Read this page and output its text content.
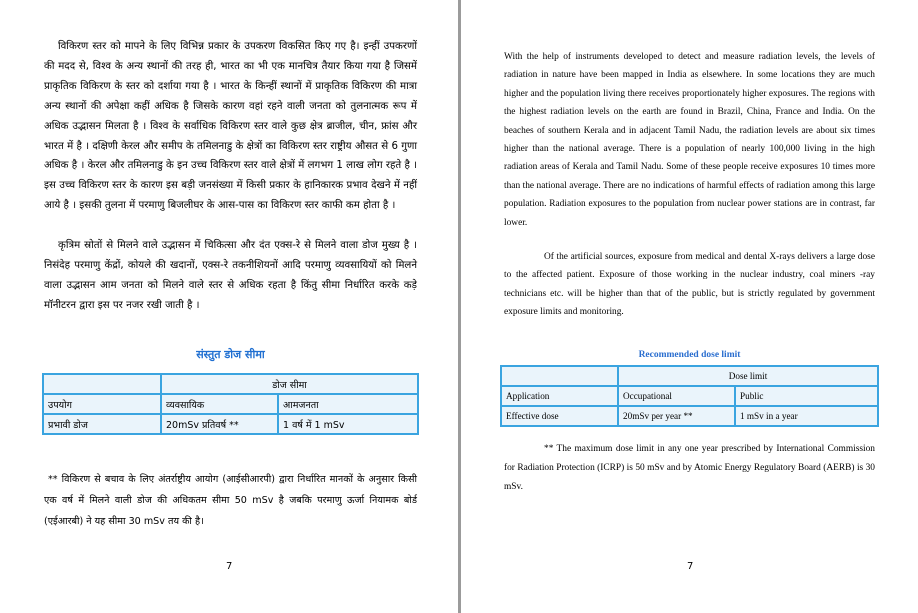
विकिरण स्तर को मापने के लिए विभिन्न प्रकार के उपकरण विकसित किए गए है। इन्हीं उपकरणों की मदद से, विश्व के अन्य स्थानों की तरह ही, भारत का भी एक मानचित्र तैयार किया गया है जिसमें प्राकृतिक विकिरण के स्तर को दर्शाया गया है । भारत के किन्हीं स्थानों में प्राकृतिक विकिरण की मात्रा अन्य स्थानों की अपेक्षा कहीं अधिक है जिसके कारण वहां रहने वाली जनता को तुलनात्मक रूप में अधिक उद्भासन मिलता है । विश्व के सर्वाधिक विकिरण स्तर वाले कुछ क्षेत्र ब्राजील, चीन, फ्रांस और भारत में है । दक्षिणी केरल और समीप के तमिलनाडु के क्षेत्रों का विकिरण स्तर राष्ट्रीय औसत से 6 गुणा अधिक है । केरल और तमिलनाडु के इन उच्च विकिरण स्तर वाले क्षेत्रों में लगभग 1 लाख लोग रहते है । इस उच्च विकिरण स्तर के कारण इस बड़ी जनसंख्या में किसी प्रकार के हानिकारक प्रभाव देखने में नहीं आये है । इसकी तुलना में परमाणु बिजलीघर के आस-पास का विकिरण स्तर काफी कम होता है ।

कृत्रिम स्रोतों से मिलने वाले उद्भासन में चिकित्सा और दंत एक्स-रे से मिलने वाला डोज मुख्य है । निसंदेह परमाणु केंद्रों, कोयले की खदानों, एक्स-रे तकनीशियनों आदि परमाणु व्यवसायियों को मिलने वाला उद्भासन आम जनता को मिलने वाले स्तर से अधिक रहता है किंतु सीमा निर्धारित करके कड़े मॉनीटरन द्वारा इस पर नजर रखी जाती है ।

संस्तुत डोज सीमा

	डोज सीमा	
उपयोग	व्यवसायिक	आमजनता
प्रभावी डोज	20mSv प्रतिवर्ष **	1 वर्ष में 1 mSv

** विकिरण से बचाव के लिए अंतर्राष्ट्रीय आयोग (आईसीआरपी) द्वारा निर्धारित मानकों के अनुसार किसी एक वर्ष में मिलने वाली डोज की अधिकतम सीमा 50 mSv है जबकि परमाणु ऊर्जा नियामक बोर्ड (एईआरबी) ने यह सीमा 30 mSv तय की है।

7

With the help of instruments developed to detect and measure radiation levels, the levels of radiation in nature have been mapped in India as elsewhere. In some locations they are much higher and the population living there receives proportionately higher exposures. The regions with the highest radiation levels on the earth are found in Brazil, China, France and India. On the beaches of southern Kerala and in adjacent Tamil Nadu, the radiation levels are about six times higher than the national average. There is a population of nearly 100,000 living in the high radiation areas of Kerala and Tamil Nadu. Some of these people receive exposures 10 times more than the national average. There are no indications of harmful effects of radiation among this large population. Radiation exposures to the population from nuclear power stations are in contrast, far lower.

Of the artificial sources, exposure from medical and dental X-rays delivers a large dose to the affected patient. Exposure of those working in the nuclear industry, coal miners -ray technicians etc. will be higher than that of the public, but is strictly regulated by government exposure limits and monitoring.

Recommended dose limit

	Dose limit	
Application	Occupational	Public
Effective dose	20mSv per year **	1 mSv in a year

** The maximum dose limit in any one year prescribed by International Commission for Radiation Protection (ICRP) is 50 mSv and by Atomic Energy Regulatory Board (AERB) is 30 mSv.

7
